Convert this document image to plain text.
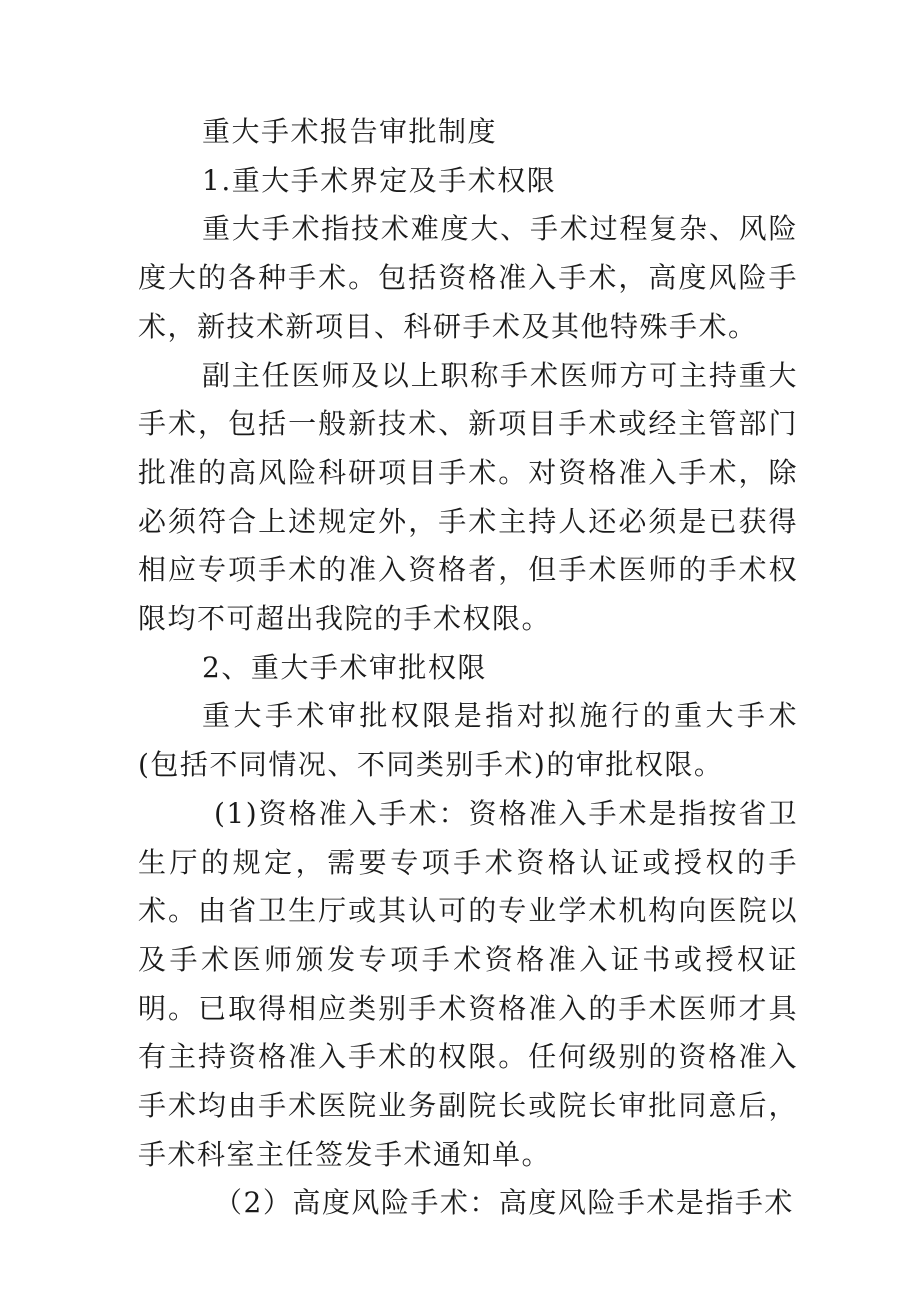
重大手术报告审批制度

1.重大手术界定及手术权限

重大手术指技术难度大、手术过程复杂、风险度大的各种手术。包括资格准入手术，高度风险手术，新技术新项目、科研手术及其他特殊手术。

副主任医师及以上职称手术医师方可主持重大手术，包括一般新技术、新项目手术或经主管部门批准的高风险科研项目手术。对资格准入手术，除必须符合上述规定外，手术主持人还必须是已获得相应专项手术的准入资格者，但手术医师的手术权限均不可超出我院的手术权限。

2、重大手术审批权限

重大手术审批权限是指对拟施行的重大手术(包括不同情况、不同类别手术)的审批权限。

(1)资格准入手术：资格准入手术是指按省卫生厅的规定，需要专项手术资格认证或授权的手术。由省卫生厅或其认可的专业学术机构向医院以及手术医师颁发专项手术资格准入证书或授权证明。已取得相应类别手术资格准入的手术医师才具有主持资格准入手术的权限。任何级别的资格准入手术均由手术医院业务副院长或院长审批同意后，手术科室主任签发手术通知单。

（2）高度风险手术：高度风险手术是指手术
